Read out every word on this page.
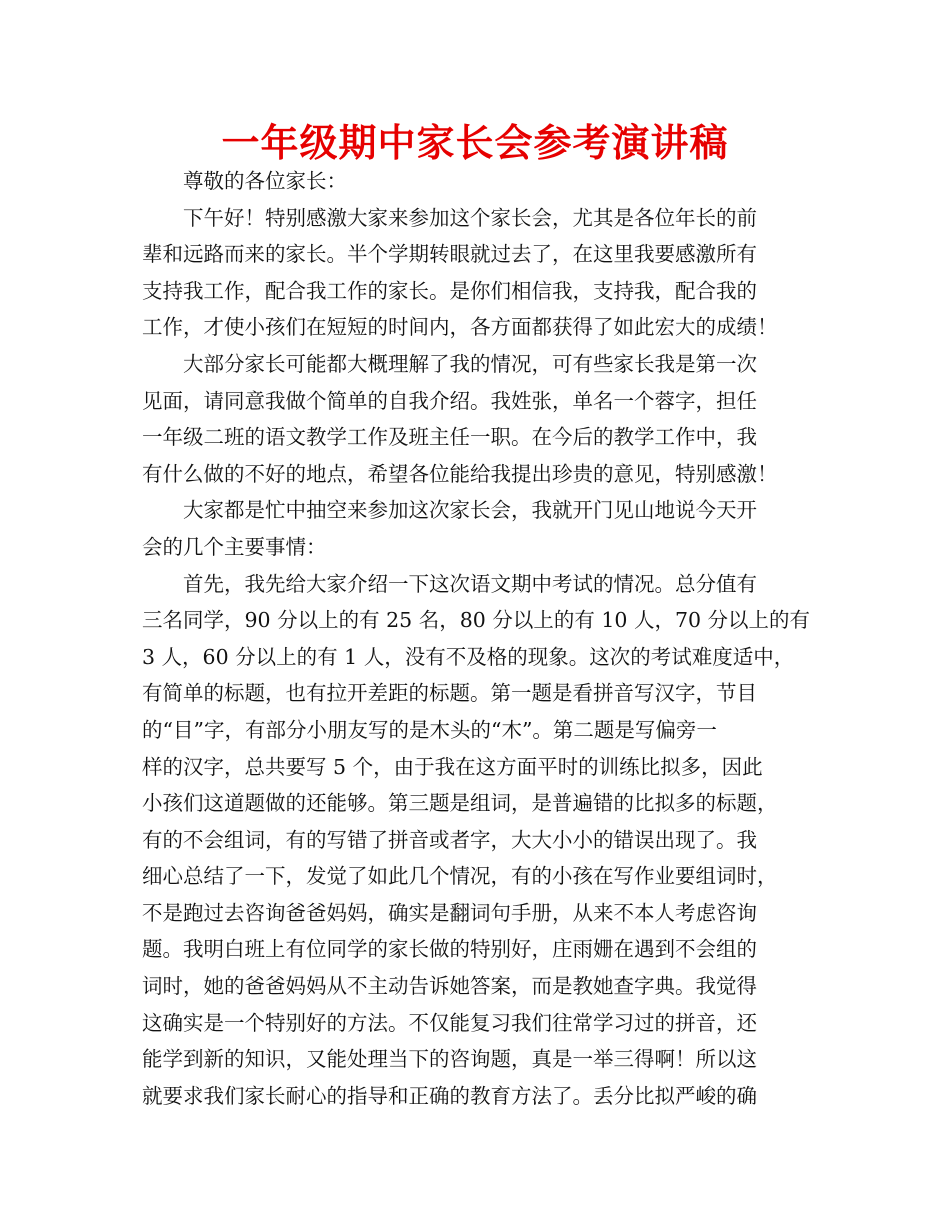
一年级期中家长会参考演讲稿
尊敬的各位家长：
下午好！特别感激大家来参加这个家长会，尤其是各位年长的前
辈和远路而来的家长。半个学期转眼就过去了，在这里我要感激所有
支持我工作，配合我工作的家长。是你们相信我，支持我，配合我的
工作，才使小孩们在短短的时间内，各方面都获得了如此宏大的成绩！
大部分家长可能都大概理解了我的情况，可有些家长我是第一次
见面，请同意我做个简单的自我介绍。我姓张，单名一个蓉字，担任
一年级二班的语文教学工作及班主任一职。在今后的教学工作中，我
有什么做的不好的地点，希望各位能给我提出珍贵的意见，特别感激！
大家都是忙中抽空来参加这次家长会，我就开门见山地说今天开
会的几个主要事情：
首先，我先给大家介绍一下这次语文期中考试的情况。总分值有
三名同学，90 分以上的有 25 名，80 分以上的有 10 人，70 分以上的有
3 人，60 分以上的有 1 人，没有不及格的现象。这次的考试难度适中，
有简单的标题，也有拉开差距的标题。第一题是看拼音写汉字，节目
的“目”字，有部分小朋友写的是木头的“木”。第二题是写偏旁一
样的汉字，总共要写 5 个，由于我在这方面平时的训练比拟多，因此
小孩们这道题做的还能够。第三题是组词，是普遍错的比拟多的标题，
有的不会组词，有的写错了拼音或者字，大大小小的错误出现了。我
细心总结了一下，发觉了如此几个情况，有的小孩在写作业要组词时，
不是跑过去咨询爸爸妈妈，确实是翻词句手册，从来不本人考虑咨询
题。我明白班上有位同学的家长做的特别好，庄雨姗在遇到不会组的
词时，她的爸爸妈妈从不主动告诉她答案，而是教她查字典。我觉得
这确实是一个特别好的方法。不仅能复习我们往常学习过的拼音，还
能学到新的知识，又能处理当下的咨询题，真是一举三得啊！所以这
就要求我们家长耐心的指导和正确的教育方法了。丢分比拟严峻的确
